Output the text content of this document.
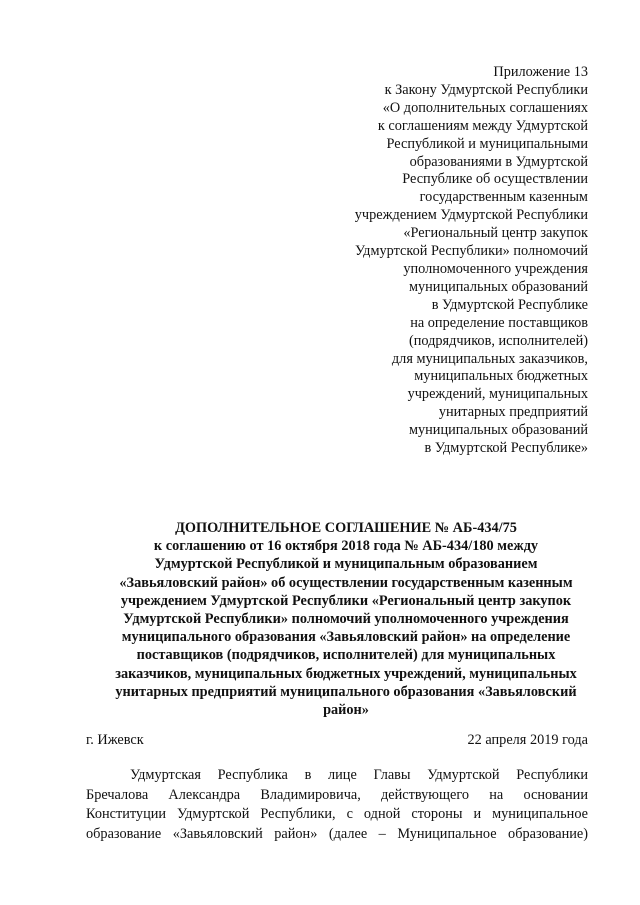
Приложение 13
к Закону Удмуртской Республики
«О дополнительных соглашениях
к соглашениям между Удмуртской
Республикой и муниципальными
образованиями в Удмуртской
Республике об осуществлении
государственным казенным
учреждением Удмуртской Республики
«Региональный центр закупок
Удмуртской Республики» полномочий
уполномоченного учреждения
муниципальных образований
в Удмуртской Республике
на определение поставщиков
(подрядчиков, исполнителей)
для муниципальных заказчиков,
муниципальных бюджетных
учреждений, муниципальных
унитарных предприятий
муниципальных образований
в Удмуртской Республике»
ДОПОЛНИТЕЛЬНОЕ СОГЛАШЕНИЕ № АБ-434/75
к соглашению от 16 октября 2018 года № АБ-434/180 между
Удмуртской Республикой и муниципальным образованием
«Завьяловский район» об осуществлении государственным казенным
учреждением Удмуртской Республики «Региональный центр закупок
Удмуртской Республики» полномочий уполномоченного учреждения
муниципального образования «Завьяловский район» на определение
поставщиков (подрядчиков, исполнителей) для муниципальных
заказчиков, муниципальных бюджетных учреждений, муниципальных
унитарных предприятий муниципального образования «Завьяловский
район»
г. Ижевск	22 апреля 2019 года
Удмуртская Республика в лице Главы Удмуртской Республики
Бречалова Александра Владимировича, действующего на основании
Конституции Удмуртской Республики, с одной стороны и муниципальное
образование «Завьяловский район» (далее – Муниципальное образование)
